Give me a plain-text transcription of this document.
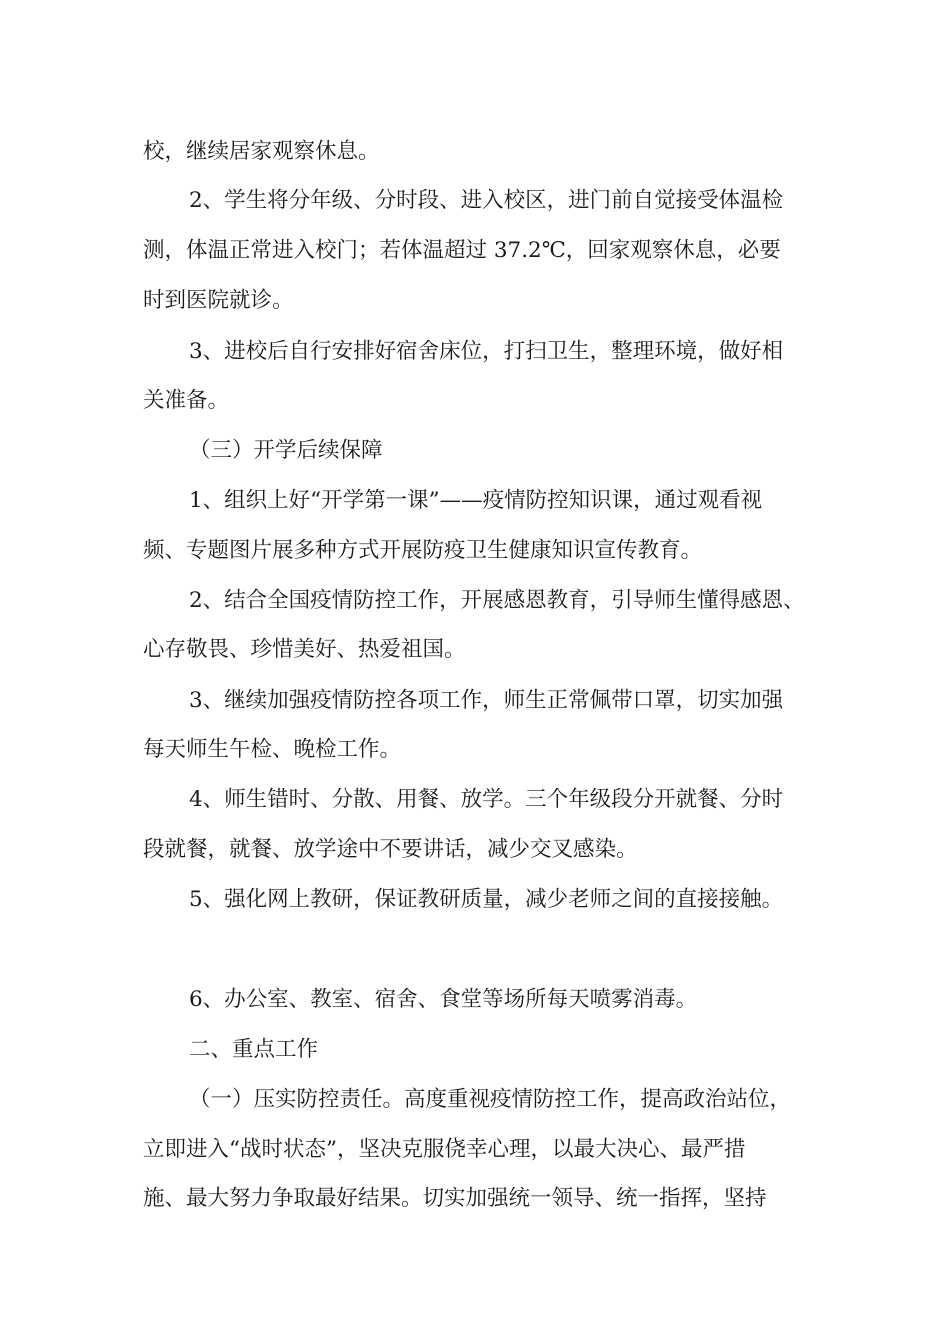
校，继续居家观察休息。
2、学生将分年级、分时段、进入校区，进门前自觉接受体温检
测，体温正常进入校门；若体温超过 37.2℃，回家观察休息，必要
时到医院就诊。
3、进校后自行安排好宿舍床位，打扫卫生，整理环境，做好相
关准备。
（三）开学后续保障
1、组织上好“开学第一课”——疫情防控知识课，通过观看视
频、专题图片展多种方式开展防疫卫生健康知识宣传教育。
2、结合全国疫情防控工作，开展感恩教育，引导师生懂得感恩、
心存敬畏、珍惜美好、热爱祖国。
3、继续加强疫情防控各项工作，师生正常佩带口罩，切实加强
每天师生午检、晚检工作。
4、师生错时、分散、用餐、放学。三个年级段分开就餐、分时
段就餐，就餐、放学途中不要讲话，减少交叉感染。
5、强化网上教研，保证教研质量，减少老师之间的直接接触。
6、办公室、教室、宿舍、食堂等场所每天喷雾消毒。
二、重点工作
（一）压实防控责任。高度重视疫情防控工作，提高政治站位，
立即进入“战时状态”，坚决克服侥幸心理，以最大决心、最严措
施、最大努力争取最好结果。切实加强统一领导、统一指挥，坚持
